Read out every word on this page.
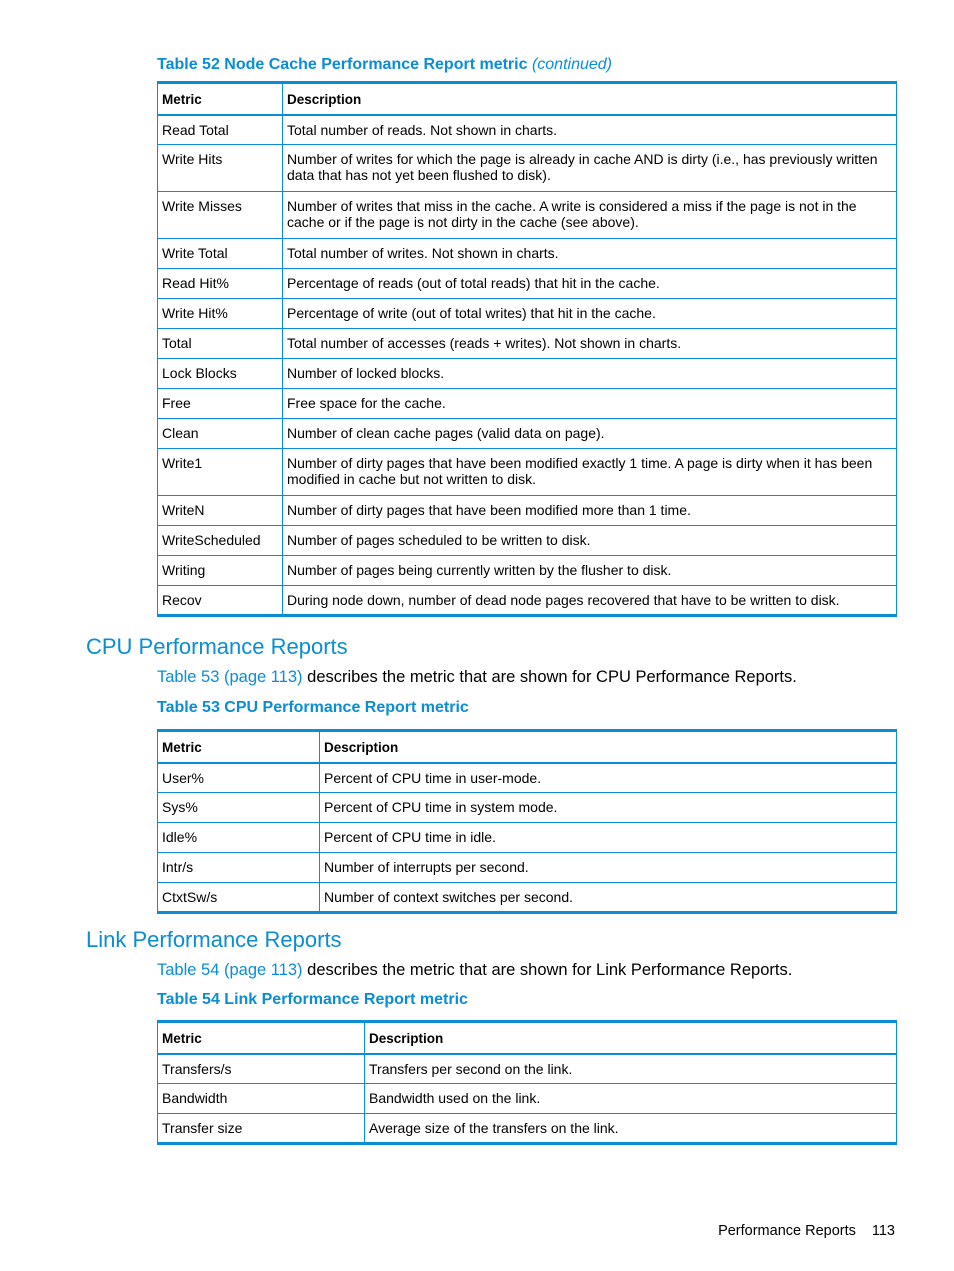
Table 52 Node Cache Performance Report metric (continued)
Metric	Description
Read Total	Total number of reads. Not shown in charts.
Write Hits	Number of writes for which the page is already in cache AND is dirty (i.e., has previously written data that has not yet been flushed to disk).
Write Misses	Number of writes that miss in the cache. A write is considered a miss if the page is not in the cache or if the page is not dirty in the cache (see above).
Write Total	Total number of writes. Not shown in charts.
Read Hit%	Percentage of reads (out of total reads) that hit in the cache.
Write Hit%	Percentage of write (out of total writes) that hit in the cache.
Total	Total number of accesses (reads + writes). Not shown in charts.
Lock Blocks	Number of locked blocks.
Free	Free space for the cache.
Clean	Number of clean cache pages (valid data on page).
Write1	Number of dirty pages that have been modified exactly 1 time. A page is dirty when it has been modified in cache but not written to disk.
WriteN	Number of dirty pages that have been modified more than 1 time.
WriteScheduled	Number of pages scheduled to be written to disk.
Writing	Number of pages being currently written by the flusher to disk.
Recov	During node down, number of dead node pages recovered that have to be written to disk.
CPU Performance Reports

Table 53 (page 113) describes the metric that are shown for CPU Performance Reports.

Table 53 CPU Performance Report metric
Metric	Description
User%	Percent of CPU time in user-mode.
Sys%	Percent of CPU time in system mode.
Idle%	Percent of CPU time in idle.
Intr/s	Number of interrupts per second.
CtxtSw/s	Number of context switches per second.
Link Performance Reports

Table 54 (page 113) describes the metric that are shown for Link Performance Reports.

Table 54 Link Performance Report metric
Metric	Description
Transfers/s	Transfers per second on the link.
Bandwidth	Bandwidth used on the link.
Transfer size	Average size of the transfers on the link.
Performance Reports 113
